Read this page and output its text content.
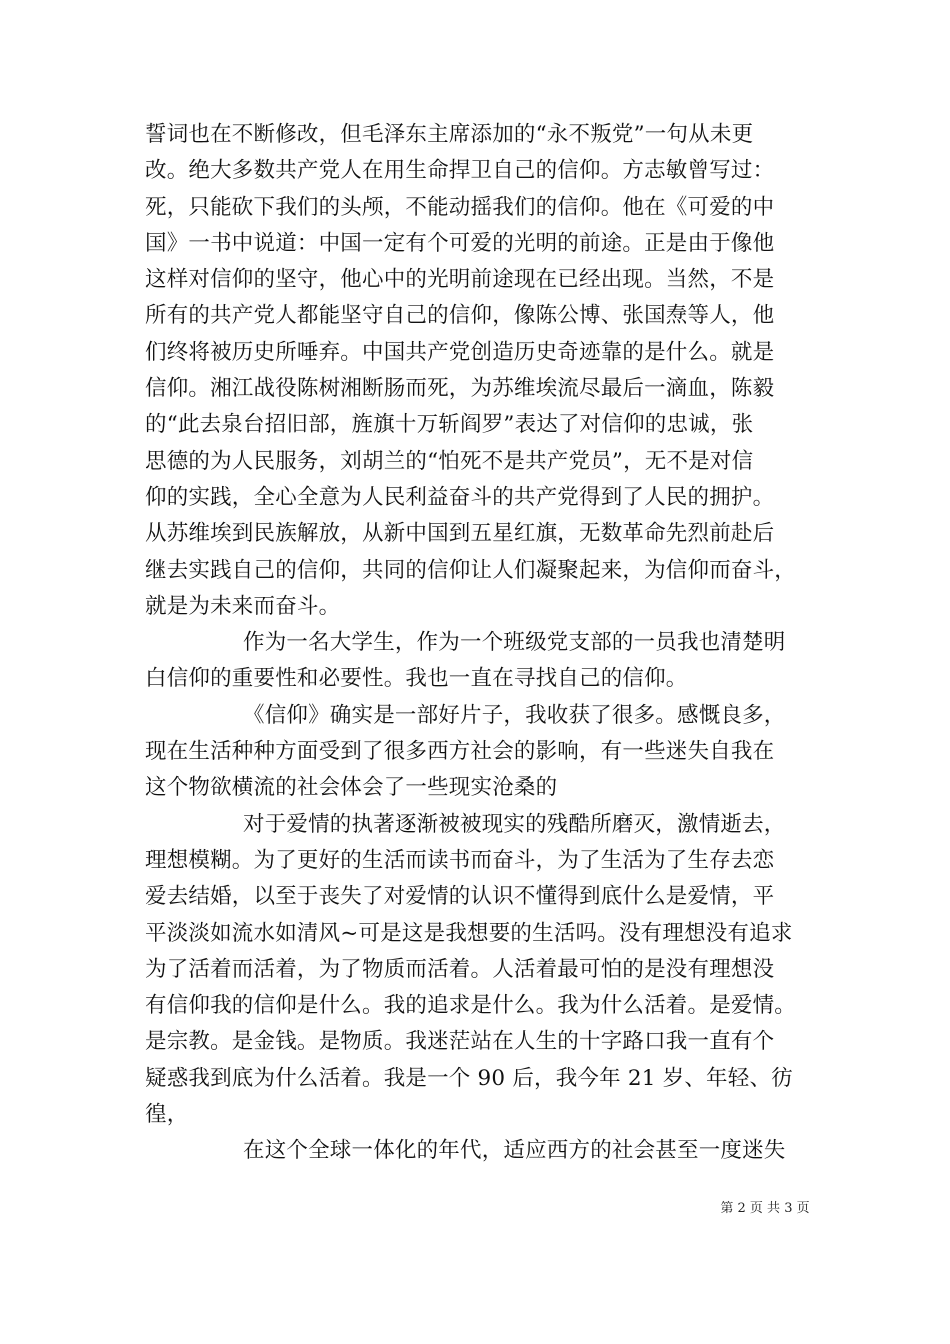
誓词也在不断修改，但毛泽东主席添加的“永不叛党”一句从未更
改。绝大多数共产党人在用生命捍卫自己的信仰。方志敏曾写过：
死，只能砍下我们的头颅，不能动摇我们的信仰。他在《可爱的中
国》一书中说道：中国一定有个可爱的光明的前途。正是由于像他
这样对信仰的坚守，他心中的光明前途现在已经出现。当然，不是
所有的共产党人都能坚守自己的信仰，像陈公博、张国焘等人，他
们终将被历史所唾弃。中国共产党创造历史奇迹靠的是什么。就是
信仰。湘江战役陈树湘断肠而死，为苏维埃流尽最后一滴血，陈毅
的“此去泉台招旧部，旌旗十万斩阎罗”表达了对信仰的忠诚，张
思德的为人民服务，刘胡兰的“怕死不是共产党员”，无不是对信
仰的实践，全心全意为人民利益奋斗的共产党得到了人民的拥护。
从苏维埃到民族解放，从新中国到五星红旗，无数革命先烈前赴后
继去实践自己的信仰，共同的信仰让人们凝聚起来，为信仰而奋斗，
就是为未来而奋斗。
作为一名大学生，作为一个班级党支部的一员我也清楚明
白信仰的重要性和必要性。我也一直在寻找自己的信仰。
《信仰》确实是一部好片子，我收获了很多。感慨良多，
现在生活种种方面受到了很多西方社会的影响，有一些迷失自我在
这个物欲横流的社会体会了一些现实沧桑的
对于爱情的执著逐渐被被现实的残酷所磨灭，激情逝去，
理想模糊。为了更好的生活而读书而奋斗，为了生活为了生存去恋
爱去结婚，以至于丧失了对爱情的认识不懂得到底什么是爱情，平
平淡淡如流水如清风~可是这是我想要的生活吗。没有理想没有追求
为了活着而活着，为了物质而活着。人活着最可怕的是没有理想没
有信仰我的信仰是什么。我的追求是什么。我为什么活着。是爱情。
是宗教。是金钱。是物质。我迷茫站在人生的十字路口我一直有个
疑惑我到底为什么活着。我是一个 90 后，我今年 21 岁、年轻、彷
徨，
在这个全球一体化的年代，适应西方的社会甚至一度迷失
第 2 页 共 3 页
